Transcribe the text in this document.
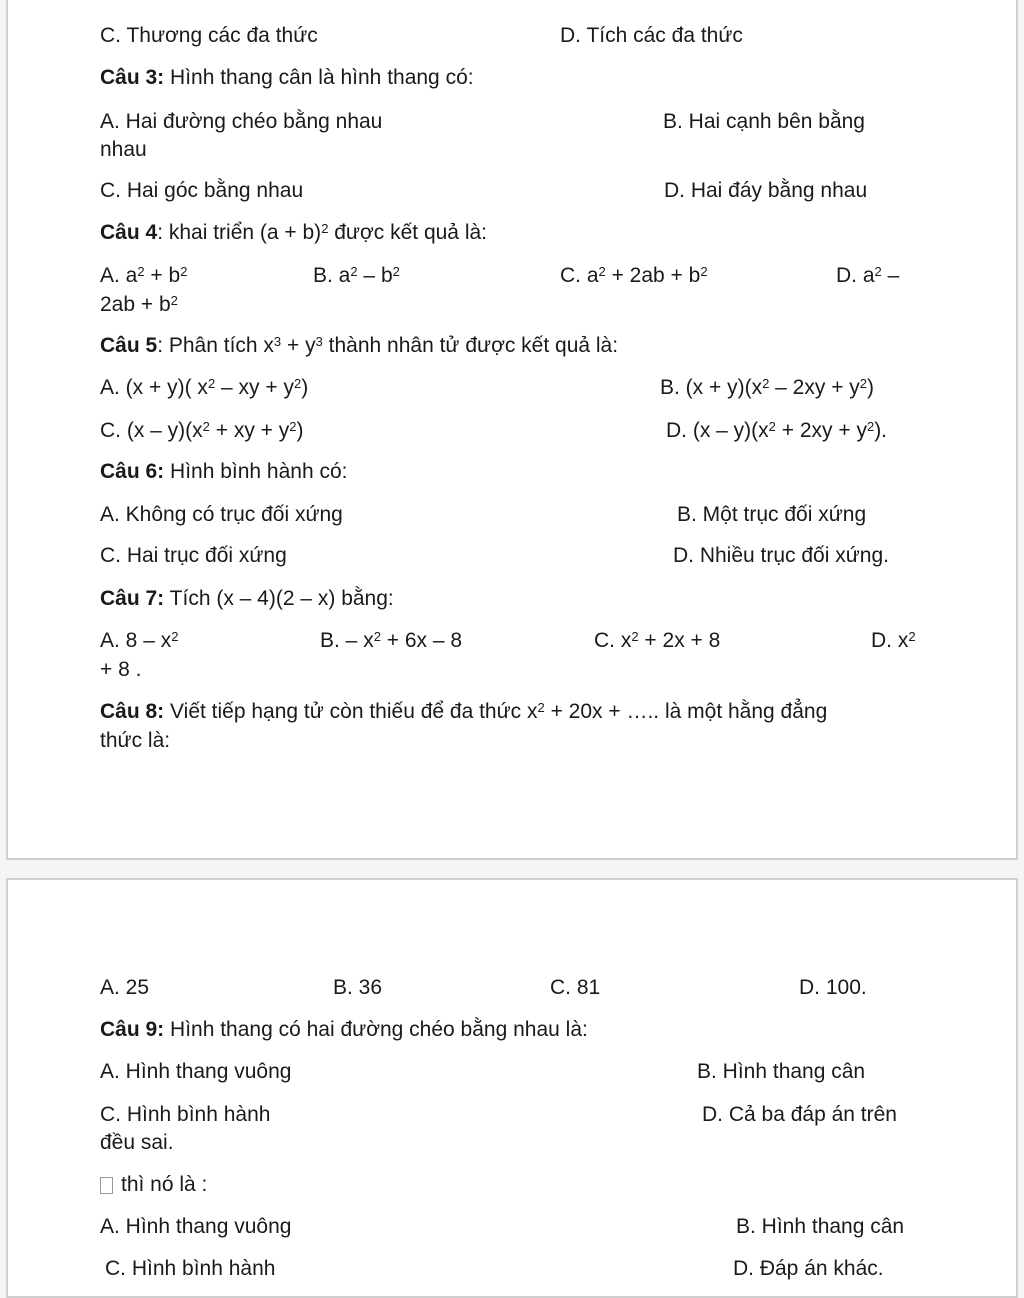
C. Thương các đa thức	D. Tích các đa thức
Câu 3: Hình thang cân là hình thang có:
A. Hai đường chéo bằng nhau	B. Hai cạnh bên bằng
nhau
C. Hai góc bằng nhau	D. Hai đáy bằng nhau
Câu 4: khai triển $(a + b)^2$ được kết quả là:
A. $a^2 + b^2$	B. $a^2 - b^2$	C. $a^2 + 2ab + b^2$	D. $a^2$ –
$2ab + b^2$
Câu 5: Phân tích $x^3 + y^3$ thành nhân tử được kết quả là:
A. (x + y)( $x^2$ – xy + $y^2$)	B. $(x + y)(x^2 - 2xy + y^2)$
C. $(x - y)(x^2$ + xy + $y^2$)	D. $(x - y)(x^2 + 2xy + y^2)$.
Câu 6: Hình bình hành có:
A. Không có trục đối xứng	B. Một trục đối xứng
C. Hai trục đối xứng	D. Nhiều trục đối xứng.
Câu 7: Tích (x – 4)(2 – x) bằng:
A. $8 - x^2$	B. – $x^2 + 6x - 8$	C. $x^2 + 2x + 8$	D. $x^2$
+ 8 .
Câu 8: Viết tiếp hạng tử còn thiếu để đa thức $x^2 + 20x$ + ….. là một hằng đẳng
thức là:
A. 25	B. 36	C. 81	D. 100.
Câu 9: Hình thang có hai đường chéo bằng nhau là:
A. Hình thang vuông	B. Hình thang cân
C. Hình bình hành	D. Cả ba đáp án trên
đều sai.
thì nó là :
A. Hình thang vuông	B. Hình thang cân
C. Hình bình hành	D. Đáp án khác.
